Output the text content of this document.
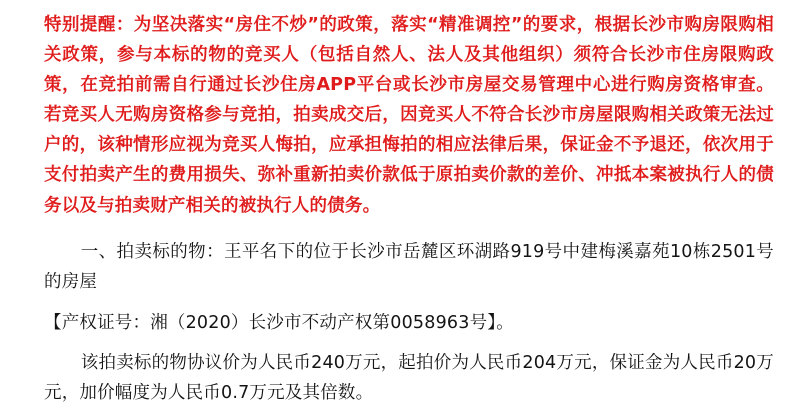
特别提醒：为坚决落实“房住不炒”的政策，落实“精准调控”的要求，根据长沙市购房限购相关政策，参与本标的物的竞买人（包括自然人、法人及其他组织）须符合长沙市住房限购政策，在竞拍前需自行通过长沙住房APP平台或长沙市房屋交易管理中心进行购房资格审查。若竞买人无购房资格参与竞拍，拍卖成交后，因竞买人不符合长沙市房屋限购相关政策无法过户的，该种情形应视为竞买人悔拍，应承担悔拍的相应法律后果，保证金不予退还，依次用于支付拍卖产生的费用损失、弥补重新拍卖价款低于原拍卖价款的差价、冲抵本案被执行人的债务以及与拍卖财产相关的被执行人的债务。

一、拍卖标的物：王平名下的位于长沙市岳麓区环湖路919号中建梅溪嘉苑10栋2501号的房屋

【产权证号：湘（2020）长沙市不动产权第0058963号】。

该拍卖标的物协议价为人民币240万元，起拍价为人民币204万元，保证金为人民币20万元，加价幅度为人民币0.7万元及其倍数。
